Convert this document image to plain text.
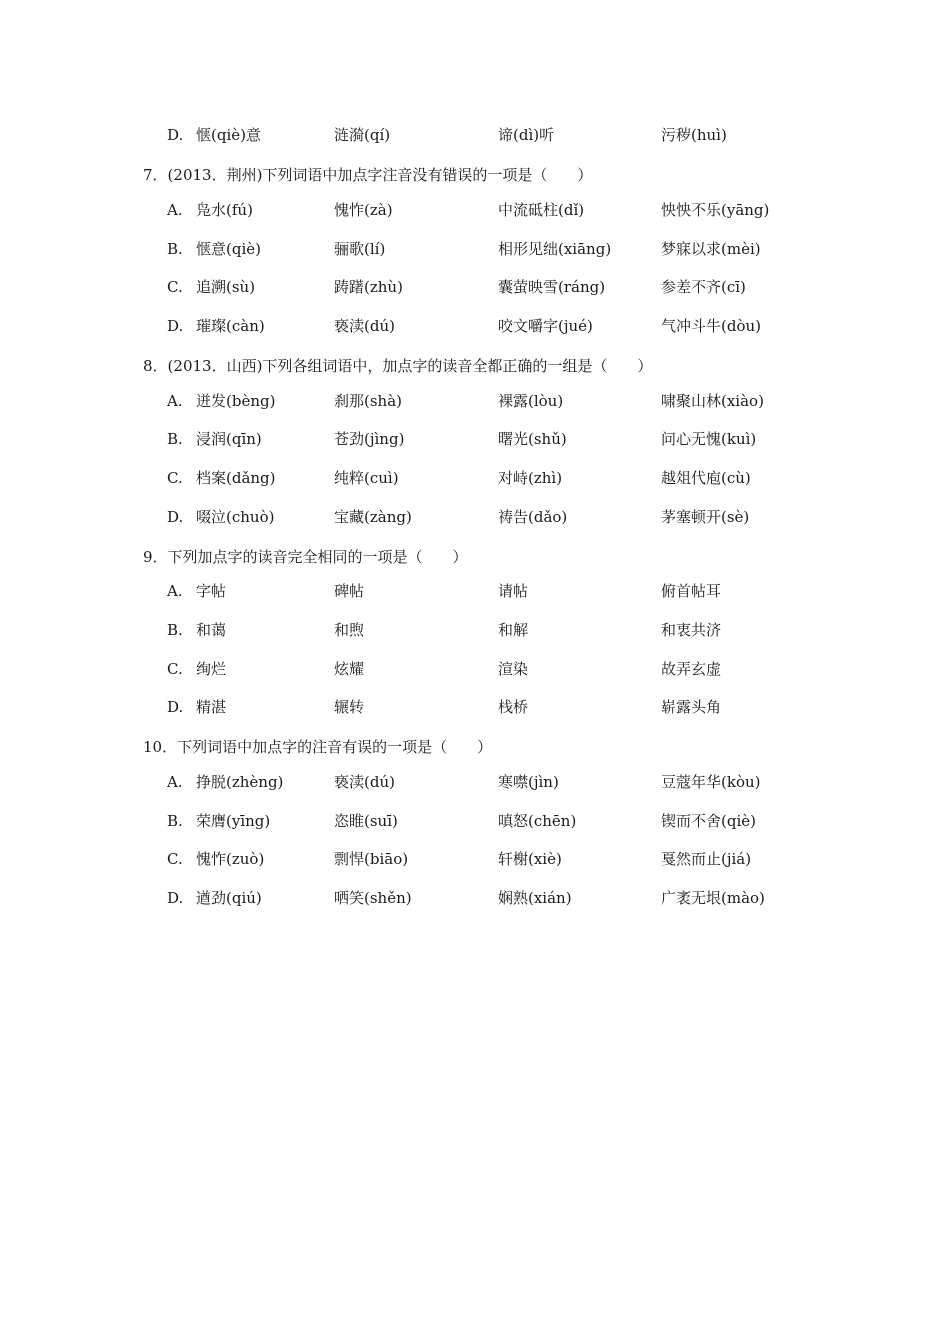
D. 惬(qiè)意	涟漪(qí)	谛(dì)听	污秽(huì)
7．(2013．荆州)下列词语中加点字注音没有错误的一项是（　　）
A. 凫水(fú)	愧怍(zà)	中流砥柱(dǐ)	怏怏不乐(yāng)
B. 惬意(qiè)	骊歌(lí)	相形见绌(xiāng)	梦寐以求(mèi)
C. 追溯(sù)	踌躇(zhù)	囊萤映雪(ráng)	参差不齐(cī)
D. 璀璨(càn)	亵渎(dú)	咬文嚼字(jué)	气冲斗牛(dòu)
8．(2013．山西)下列各组词语中，加点字的读音全都正确的一组是（　　）
A. 迸发(bèng)	刹那(shà)	裸露(lòu)	啸聚山林(xiào)
B. 浸润(qīn)	苍劲(jìng)	曙光(shǔ)	问心无愧(kuì)
C. 档案(dǎng)	纯粹(cuì)	对峙(zhì)	越俎代庖(cù)
D. 啜泣(chuò)	宝藏(zàng)	祷告(dǎo)	茅塞顿开(sè)
9．下列加点字的读音完全相同的一项是（　　）
A. 字帖	碑帖	请帖	俯首帖耳
B. 和蔼	和煦	和解	和衷共济
C. 绚烂	炫耀	渲染	故弄玄虚
D. 精湛	辗转	栈桥	崭露头角
10．下列词语中加点字的注音有误的一项是（　　）
A. 挣脱(zhèng)	亵渎(dú)	寒噤(jìn)	豆蔻年华(kòu)
B. 荣膺(yīng)	恣睢(suī)	嗔怒(chēn)	锲而不舍(qiè)
C. 愧怍(zuò)	剽悍(biāo)	轩榭(xiè)	戛然而止(jiá)
D. 遒劲(qiú)	哂笑(shěn)	娴熟(xián)	广袤无垠(mào)
